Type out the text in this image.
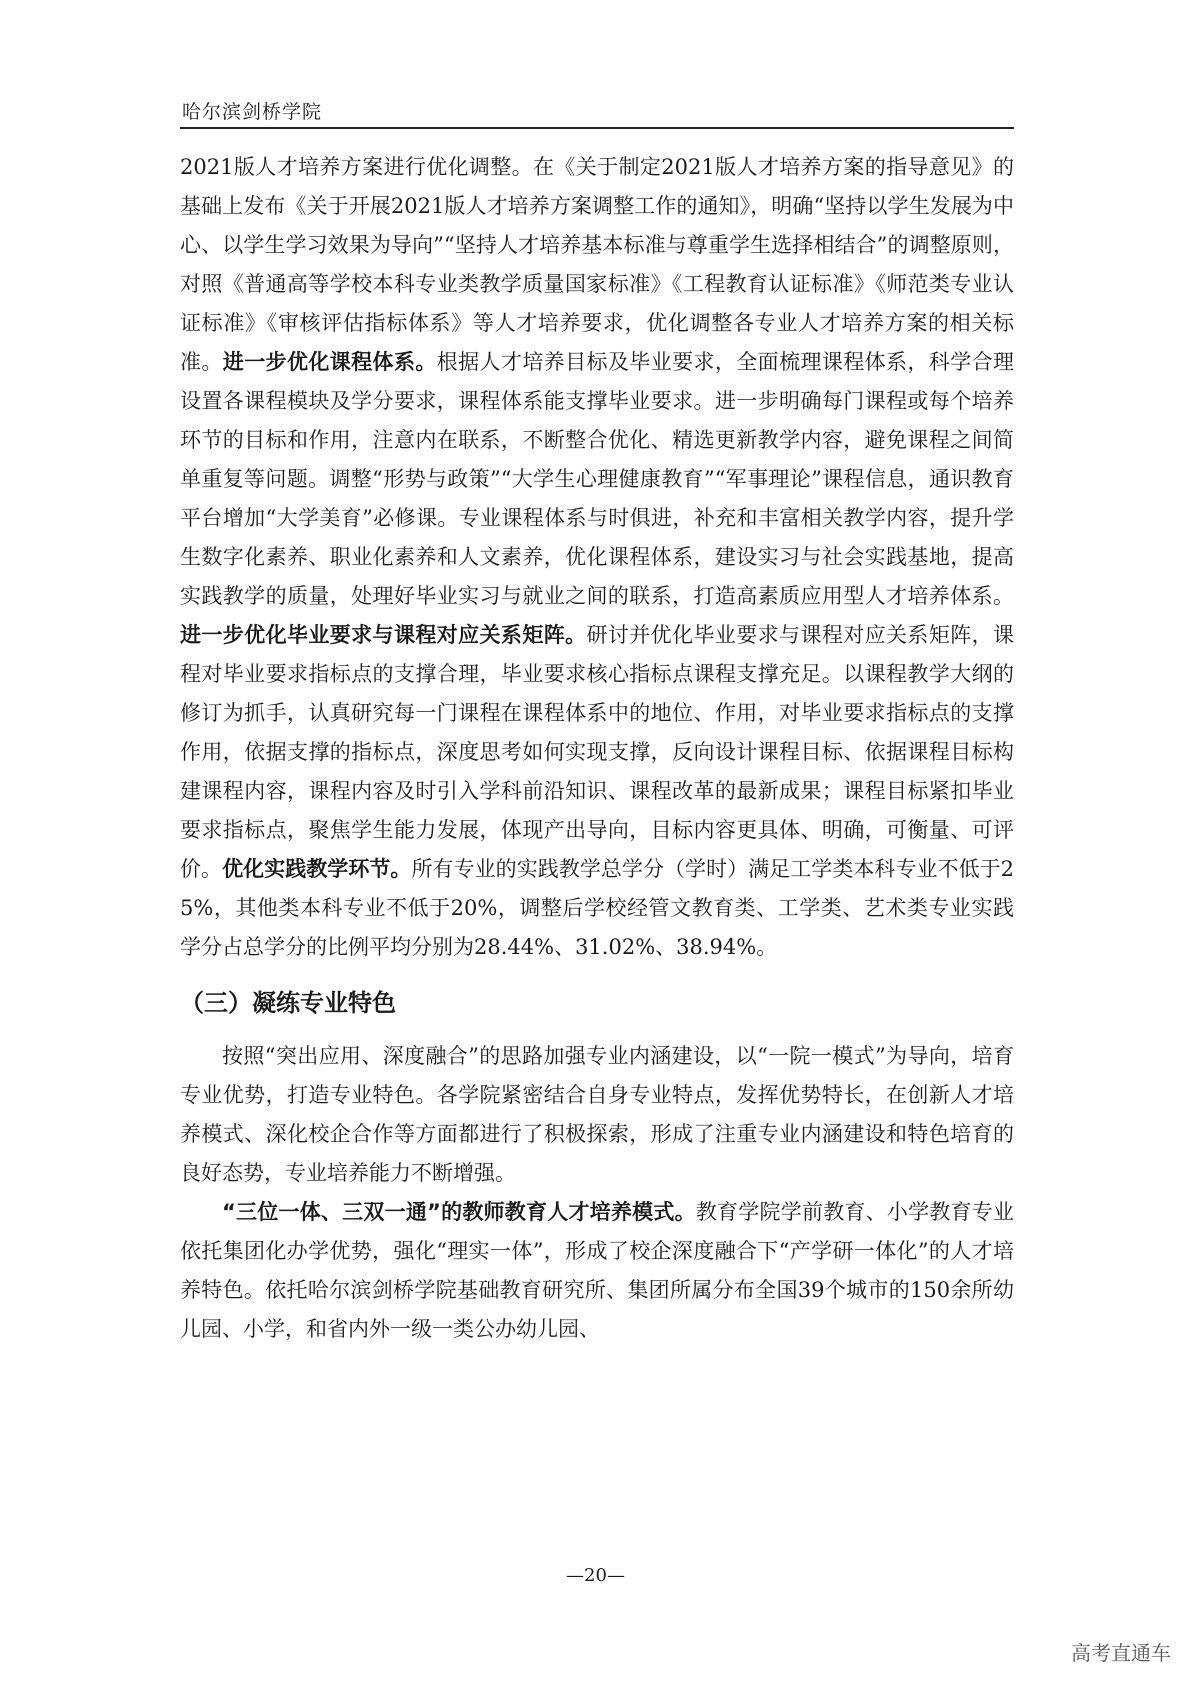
哈尔滨剑桥学院

2021版人才培养方案进行优化调整。在《关于制定2021版人才培养方案的指导意见》的基础上发布《关于开展2021版人才培养方案调整工作的通知》，明确“坚持以学生发展为中心、以学生学习效果为导向”“坚持人才培养基本标准与尊重学生选择相结合”的调整原则，对照《普通高等学校本科专业类教学质量国家标准》《工程教育认证标准》《师范类专业认证标准》《审核评估指标体系》等人才培养要求，优化调整各专业人才培养方案的相关标准。进一步优化课程体系。根据人才培养目标及毕业要求，全面梳理课程体系，科学合理设置各课程模块及学分要求，课程体系能支撑毕业要求。进一步明确每门课程或每个培养环节的目标和作用，注意内在联系，不断整合优化、精选更新教学内容，避免课程之间简单重复等问题。调整“形势与政策”“大学生心理健康教育”“军事理论”课程信息，通识教育平台增加“大学美育”必修课。专业课程体系与时俱进，补充和丰富相关教学内容，提升学生数字化素养、职业化素养和人文素养，优化课程体系，建设实习与社会实践基地，提高实践教学的质量，处理好毕业实习与就业之间的联系，打造高素质应用型人才培养体系。进一步优化毕业要求与课程对应关系矩阵。研讨并优化毕业要求与课程对应关系矩阵，课程对毕业要求指标点的支撑合理，毕业要求核心指标点课程支撑充足。以课程教学大纲的修订为抓手，认真研究每一门课程在课程体系中的地位、作用，对毕业要求指标点的支撑作用，依据支撑的指标点，深度思考如何实现支撑，反向设计课程目标、依据课程目标构建课程内容，课程内容及时引入学科前沿知识、课程改革的最新成果；课程目标紧扣毕业要求指标点，聚焦学生能力发展，体现产出导向，目标内容更具体、明确，可衡量、可评价。优化实践教学环节。所有专业的实践教学总学分（学时）满足工学类本科专业不低于25%，其他类本科专业不低于20%，调整后学校经管文教育类、工学类、艺术类专业实践学分占总学分的比例平均分别为28.44%、31.02%、38.94%。

（三）凝练专业特色

按照“突出应用、深度融合”的思路加强专业内涵建设，以“一院一模式”为导向，培育专业优势，打造专业特色。各学院紧密结合自身专业特点，发挥优势特长，在创新人才培养模式、深化校企合作等方面都进行了积极探索，形成了注重专业内涵建设和特色培育的良好态势，专业培养能力不断增强。

“三位一体、三双一通”的教师教育人才培养模式。教育学院学前教育、小学教育专业依托集团化办学优势，强化“理实一体”，形成了校企深度融合下“产学研一体化”的人才培养特色。依托哈尔滨剑桥学院基础教育研究所、集团所属分布全国39个城市的150余所幼儿园、小学，和省内外一级一类公办幼儿园、

—20—
高考直通车
